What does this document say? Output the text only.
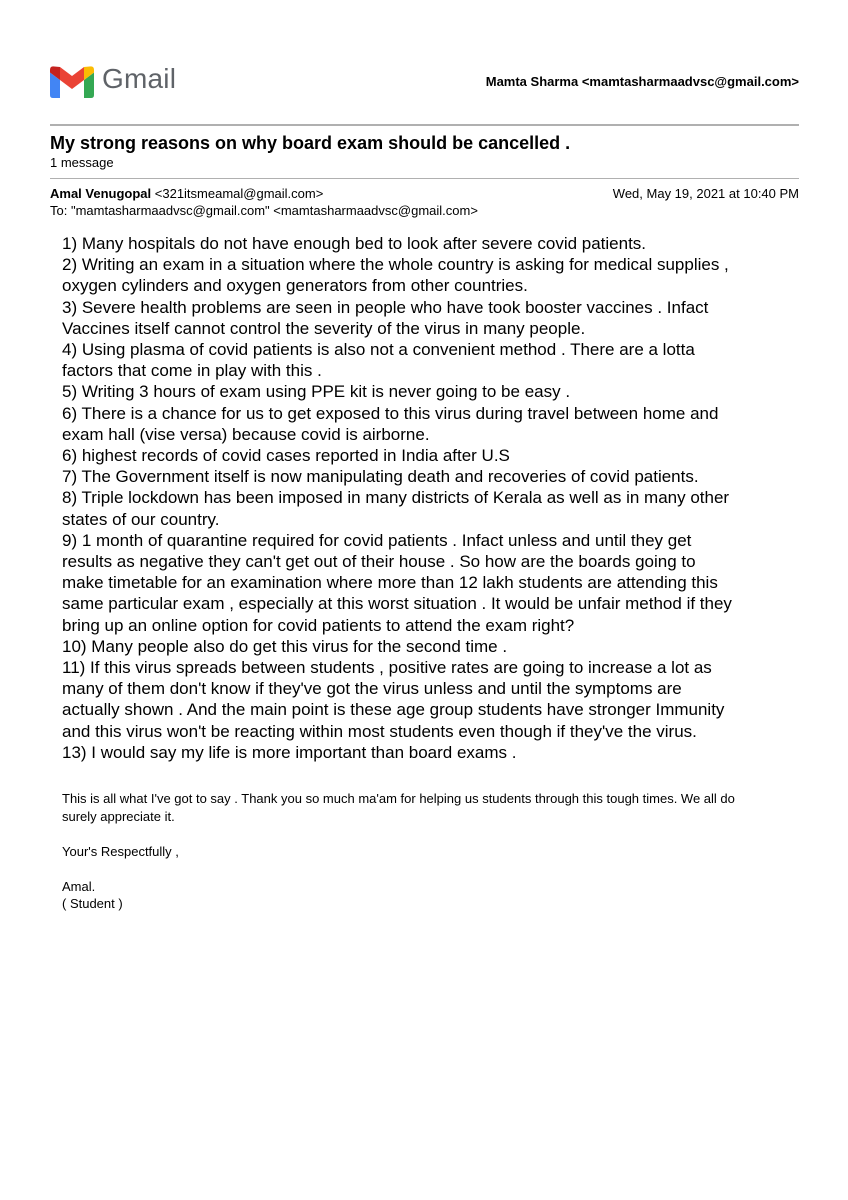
Gmail	Mamta Sharma <mamtasharmaadvsc@gmail.com>
My strong reasons on why board exam should be cancelled .
1 message
Amal Venugopal <321itsmeamal@gmail.com>	Wed, May 19, 2021 at 10:40 PM
To: "mamtasharmaadvsc@gmail.com" <mamtasharmaadvsc@gmail.com>
1) Many hospitals do not have enough bed to look after severe covid patients.
2) Writing an exam in a situation where the whole country is asking for medical supplies ,
oxygen cylinders and oxygen generators from other countries.
3) Severe health problems are seen in people who have took booster vaccines . Infact
Vaccines itself cannot control the severity of the virus in many people.
4) Using plasma of covid patients is also not a convenient method . There are a lotta
factors that come in play with this .
5) Writing 3 hours of exam using PPE kit is never going to be easy .
6) There is a chance for us to get exposed to this virus during travel between home and
exam hall (vise versa) because covid is airborne.
6) highest records of covid cases reported in India after U.S
7) The Government itself is now manipulating death and recoveries of covid patients.
8) Triple lockdown has been imposed in many districts of Kerala as well as in many other
states of our country.
9) 1 month of quarantine required for covid patients . Infact unless and until they get
results as negative they can't get out of their house . So how are the boards going to
make timetable for an examination where more than 12 lakh students are attending this
same particular exam , especially at this worst situation . It would be unfair method if they
bring up an online option for covid patients to attend the exam right?
10) Many people also do get this virus for the second time .
11) If this virus spreads between students , positive rates are going to increase a lot as
many of them don't know if they've got the virus unless and until the symptoms are
actually shown . And the main point is these age group students have stronger Immunity
and this virus won't be reacting within most students even though if they've the virus.
13) I would say my life is more important than board exams .

This is all what I've got to say . Thank you so much ma'am for helping us students through this tough times. We all do

surely appreciate it.

Your's Respectfully ,

Amal.

( Student )
